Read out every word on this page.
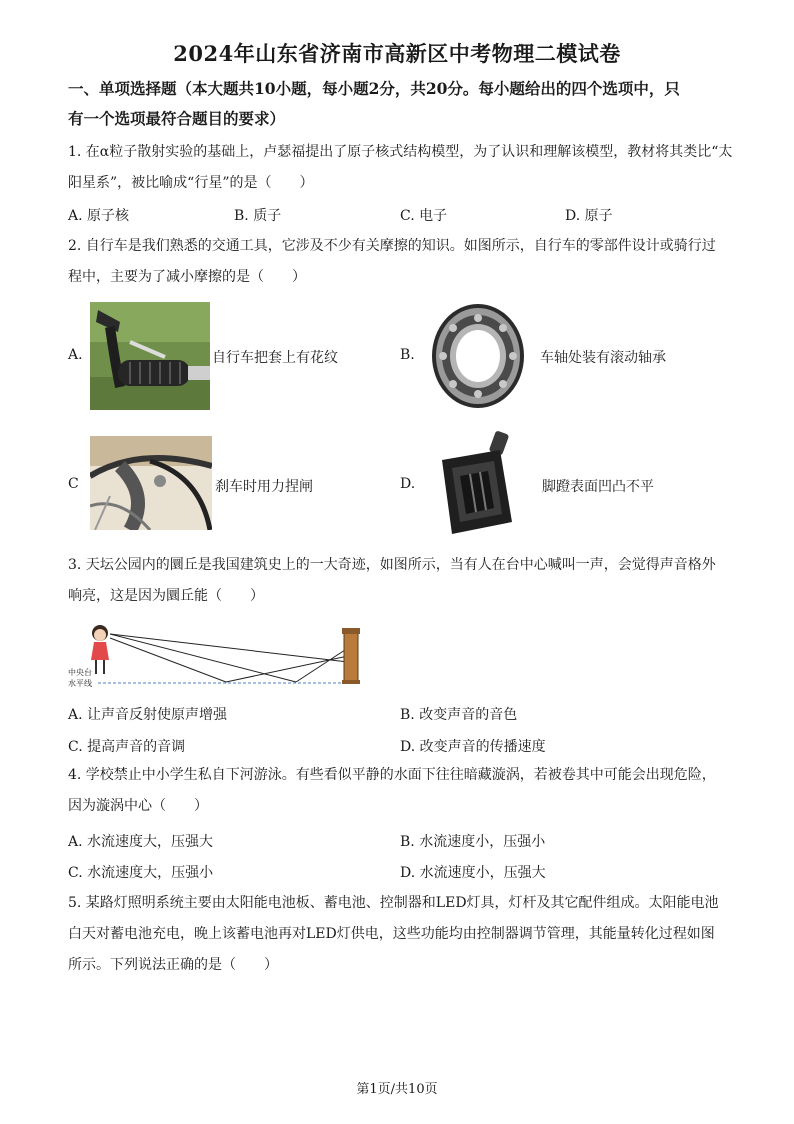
2024年山东省济南市高新区中考物理二模试卷
一、单项选择题（本大题共10小题，每小题2分，共20分。每小题给出的四个选项中，只
有一个选项最符合题目的要求）
1. 在α粒子散射实验的基础上，卢瑟福提出了原子核式结构模型，为了认识和理解该模型，教材将其类比“太
阳星系”，被比喻成“行星”的是（　　）
A. 原子核	B. 质子	C. 电子	D. 原子
2. 自行车是我们熟悉的交通工具，它涉及不少有关摩擦的知识。如图所示，自行车的零部件设计或骑行过
程中，主要为了减小摩擦的是（　　）
A.	自行车把套上有花纹	B.	车轴处装有滚动轴承
C	刹车时用力捏闸	D.	脚蹬表面凹凸不平
3. 天坛公园内的圜丘是我国建筑史上的一大奇迹，如图所示，当有人在台中心喊叫一声，会觉得声音格外
响亮，这是因为圜丘能（　　）
中央台
水平线
A. 让声音反射使原声增强	B. 改变声音的音色
C. 提高声音的音调	D. 改变声音的传播速度
4. 学校禁止中小学生私自下河游泳。有些看似平静的水面下往往暗藏漩涡，若被卷其中可能会出现危险，
因为漩涡中心（　　）
A. 水流速度大，压强大	B. 水流速度小，压强小
C. 水流速度大，压强小	D. 水流速度小，压强大
5. 某路灯照明系统主要由太阳能电池板、蓄电池、控制器和LED灯具，灯杆及其它配件组成。太阳能电池
白天对蓄电池充电，晚上该蓄电池再对LED灯供电，这些功能均由控制器调节管理，其能量转化过程如图
所示。下列说法正确的是（　　）
第1页/共10页
